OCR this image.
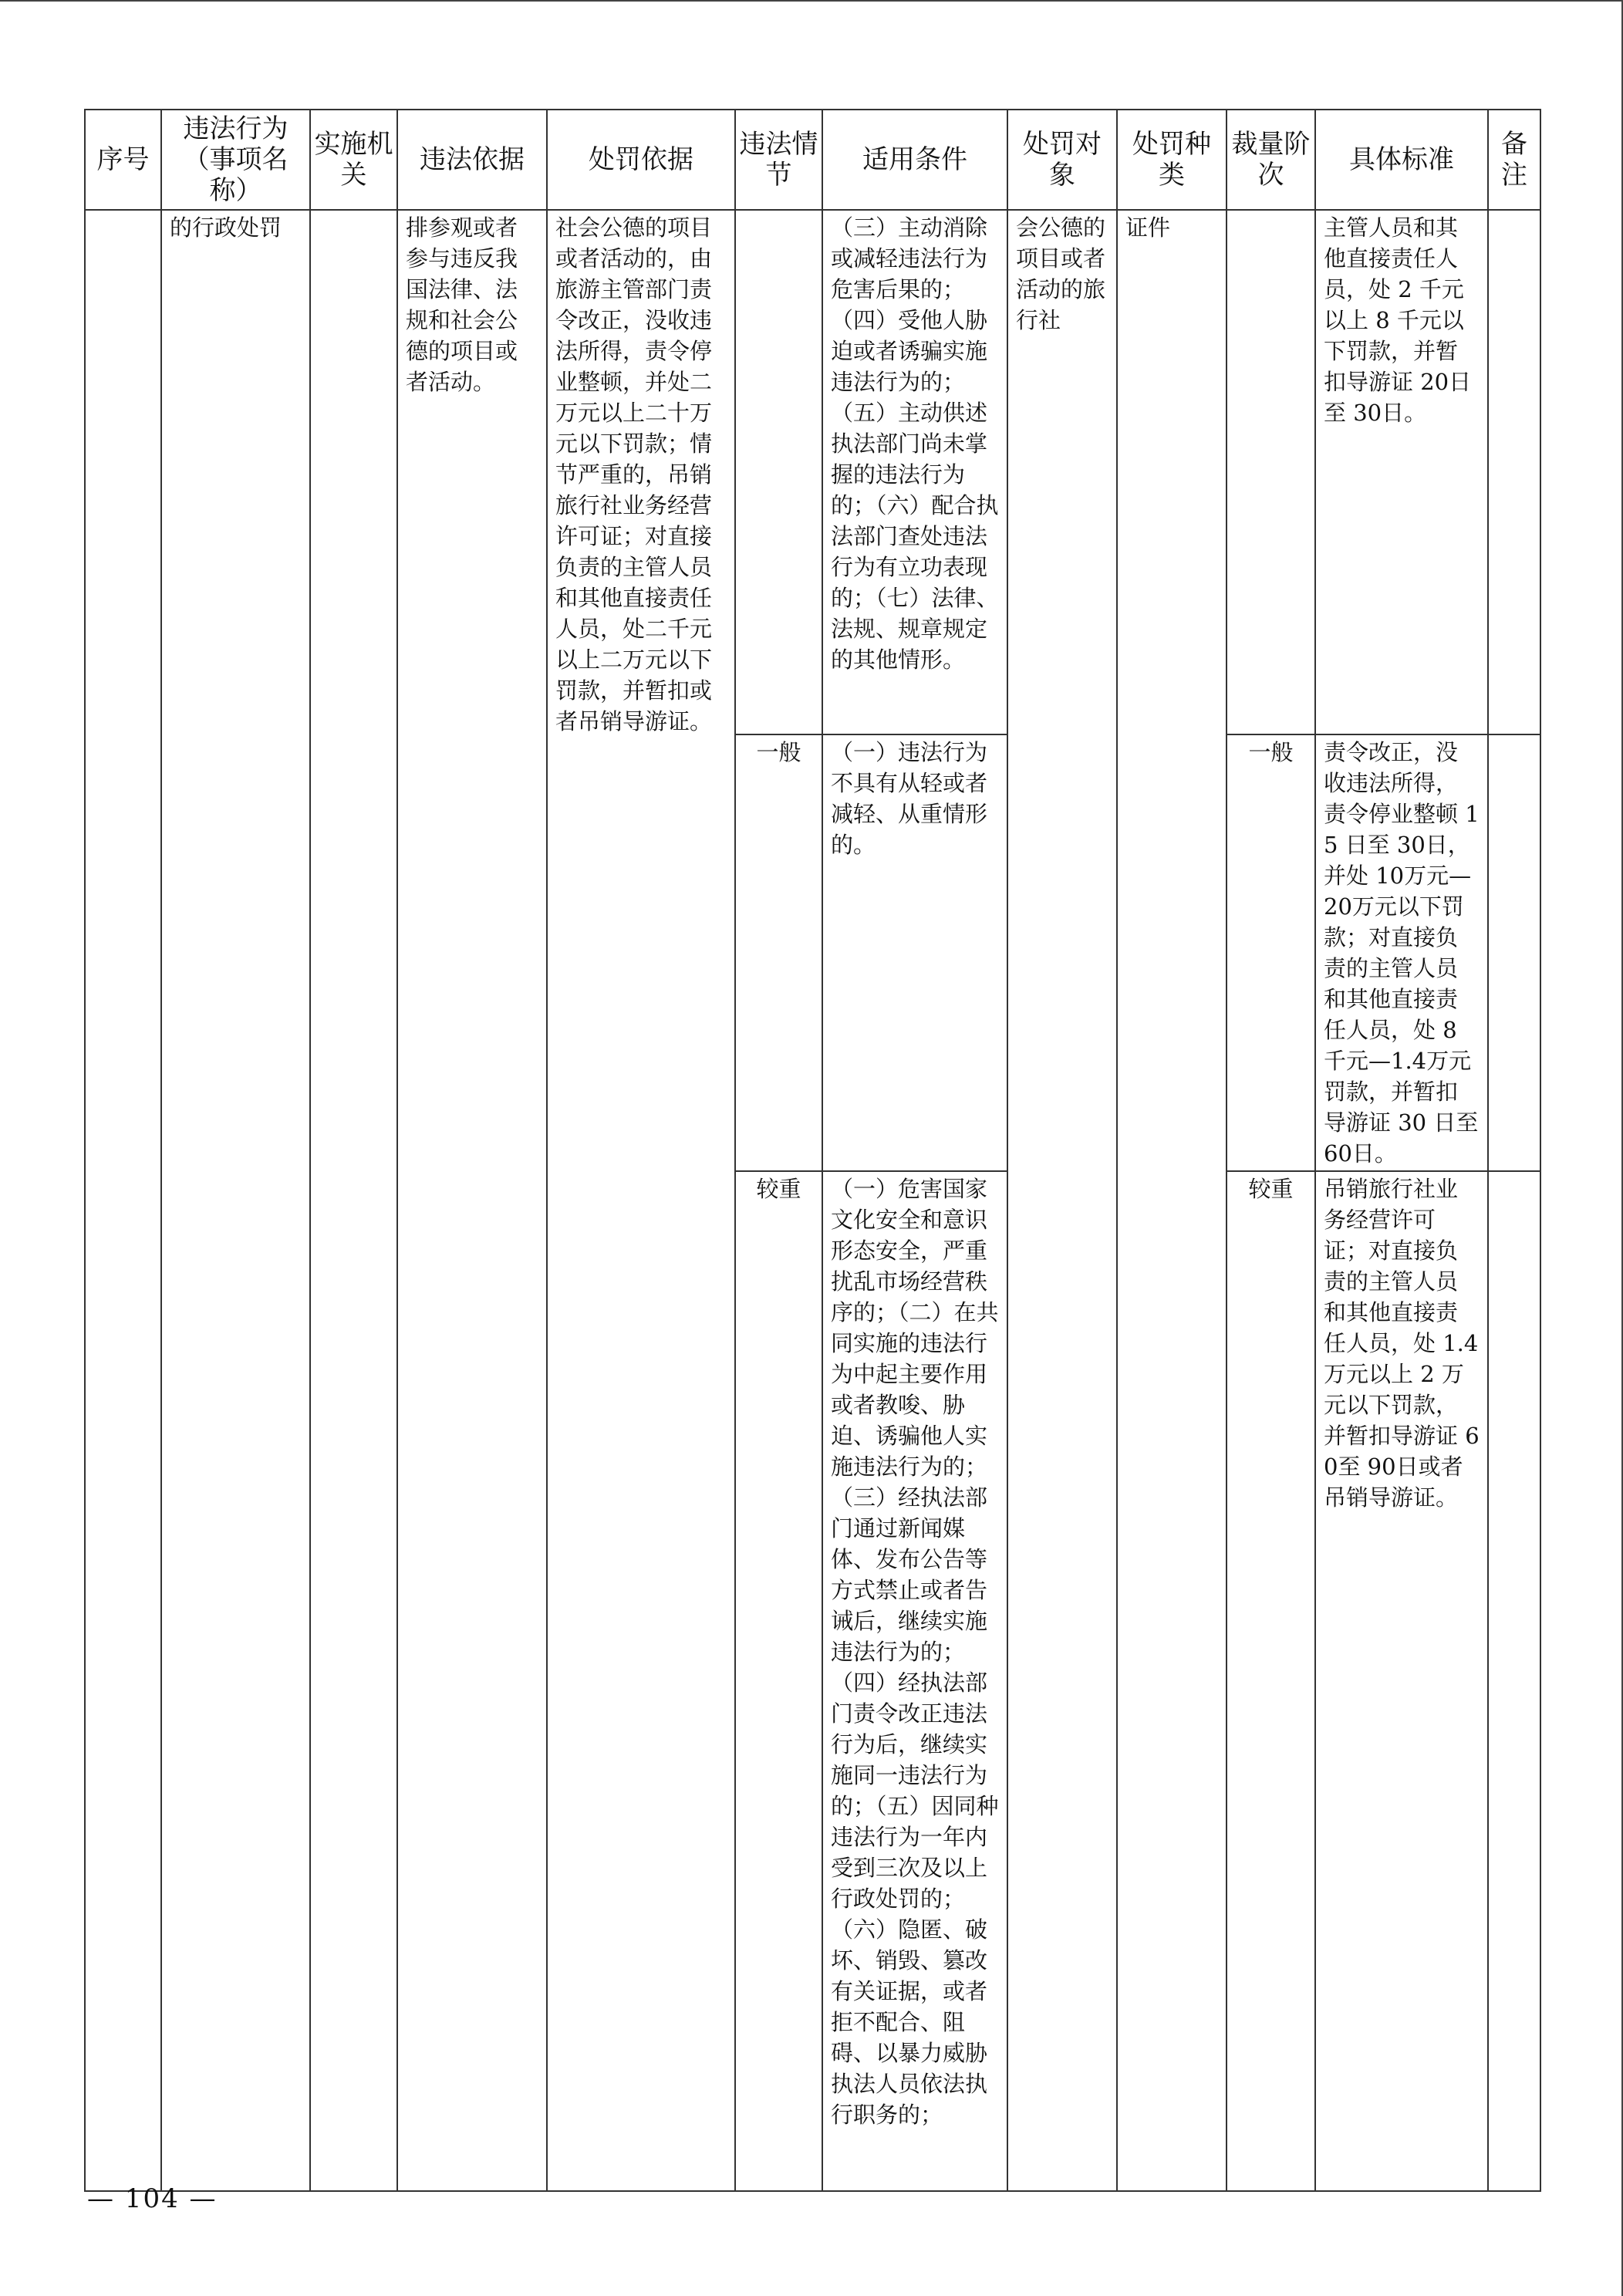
序号	违法行为（事项名称）	实施机关	违法依据	处罚依据	违法情节	适用条件	处罚对象	处罚种类	裁量阶次	具体标准	备注
	的行政处罚		排参观或者参与违反我国法律、法规和社会公德的项目或者活动。	社会公德的项目或者活动的，由旅游主管部门责令改正，没收违法所得，责令停业整顿，并处二万元以上二十万元以下罚款；情节严重的，吊销旅行社业务经营许可证；对直接负责的主管人员和其他直接责任人员，处二千元以上二万元以下罚款，并暂扣或者吊销导游证。		（三）主动消除或减轻违法行为危害后果的；（四）受他人胁迫或者诱骗实施违法行为的；（五）主动供述执法部门尚未掌握的违法行为的；（六）配合执法部门查处违法行为有立功表现的；（七）法律、法规、规章规定的其他情形。	会公德的项目或者活动的旅行社	证件		主管人员和其他直接责任人员，处 2 千元以上 8 千元以下罚款，并暂扣导游证 20日至 30日。	
					一般	（一）违法行为不具有从轻或者减轻、从重情形的。			一般	责令改正，没收违法所得，责令停业整顿 15 日至 30日，并处 10万元—20万元以下罚款；对直接负责的主管人员和其他直接责任人员，处 8 千元—1.4万元罚款，并暂扣导游证 30 日至 60日。	
					较重	（一）危害国家文化安全和意识形态安全，严重扰乱市场经营秩序的；（二）在共同实施的违法行为中起主要作用或者教唆、胁迫、诱骗他人实施违法行为的；（三）经执法部门通过新闻媒体、发布公告等方式禁止或者告诫后，继续实施违法行为的；（四）经执法部门责令改正违法行为后，继续实施同一违法行为的；（五）因同种违法行为一年内受到三次及以上行政处罚的；（六）隐匿、破坏、销毁、篡改有关证据，或者拒不配合、阻碍、以暴力威胁执法人员依法执行职务的；			较重	吊销旅行社业务经营许可证；对直接负责的主管人员和其他直接责任人员，处 1.4 万元以上 2 万元以下罚款，并暂扣导游证 60至 90日或者吊销导游证。	
— 104 —
